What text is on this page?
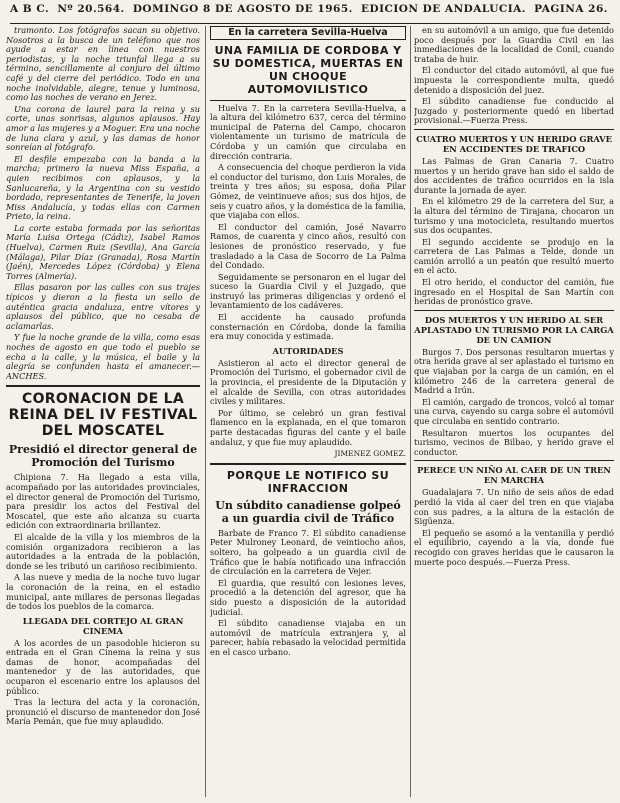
A B C. Nº 20.564. DOMINGO 8 DE AGOSTO DE 1965. EDICION DE ANDALUCIA. PAGINA 26.

tramonto. Los fotógrafos sacan su objetivo. Nosotros a la busca de un teléfono que nos ayude a estar en línea con nuestros periodistas, y la noche triunfal llega a su término, sencillamente al conjuro del último café y del cierre del periódico. Todo en una noche inolvidable, alegre, tenue y luminosa, como las noches de verano en Jerez.

Una corona de laurel para la reina y su corte, unas sonrisas, algunos aplausos. Hay amor a las mujeres y a Moguer. Era una noche de luna clara y azul, y las damas de honor sonreían al fotógrafo.

El desfile empezaba con la banda a la marcha; primero la nueva Miss España, a quien recibimos con aplausos, y la Sanlucareña, y la Argentina con su vestido bordado, representantes de Tenerife, la joven Miss Andalucía, y todas ellas con Carmen Prieto, la reina.

La corte estaba formada por las señoritas María Luisa Ortega (Cádiz), Isabel Ramos (Huelva), Carmen Ruiz (Sevilla), Ana García (Málaga), Pilar Díaz (Granada), Rosa Martín (Jaén), Mercedes López (Córdoba) y Elena Torres (Almería).

Ellas pasaron por las calles con sus trajes típicos y dieron a la fiesta un sello de auténtica gracia andaluza, entre vítores y aplausos del público, que no cesaba de aclamarlas.

Y fue la noche grande de la villa, como esas noches de agosto en que todo el pueblo se echa a la calle, y la música, el baile y la alegría se confunden hasta el amanecer.—ANCHES.

CORONACION DE LA REINA DEL IV FESTIVAL DEL MOSCATEL
Presidió el director general de Promoción del Turismo

Chipiona 7. Ha llegado a esta villa, acompañado por las autoridades provinciales, el director general de Promoción del Turismo, para presidir los actos del Festival del Moscatel, que este año alcanza su cuarta edición con extraordinaria brillantez.

El alcalde de la villa y los miembros de la comisión organizadora recibieron a las autoridades a la entrada de la población, donde se les tributó un cariñoso recibimiento.

A las nueve y media de la noche tuvo lugar la coronación de la reina, en el estadio municipal, ante millares de personas llegadas de todos los pueblos de la comarca.

LLEGADA DEL CORTEJO AL GRAN CINEMA

A los acordes de un pasodoble hicieron su entrada en el Gran Cinema la reina y sus damas de honor, acompañadas del mantenedor y de las autoridades, que ocuparon el escenario entre los aplausos del público.

Tras la lectura del acta y la coronación, pronunció el discurso de mantenedor don José María Pemán, que fue muy aplaudido.

En la carretera Sevilla-Huelva
UNA FAMILIA DE CORDOBA Y SU DOMESTICA, MUERTAS EN UN CHOQUE AUTOMOVILISTICO

Huelva 7. En la carretera Sevilla-Huelva, a la altura del kilómetro 637, cerca del término municipal de Paterna del Campo, chocaron violentamente un turismo de matrícula de Córdoba y un camión que circulaba en dirección contraria.

A consecuencia del choque perdieron la vida el conductor del turismo, don Luis Morales, de treinta y tres años; su esposa, doña Pilar Gómez, de veintinueve años; sus dos hijos, de seis y cuatro años, y la doméstica de la familia, que viajaba con ellos.

El conductor del camión, José Navarro Ramos, de cuarenta y cinco años, resultó con lesiones de pronóstico reservado, y fue trasladado a la Casa de Socorro de La Palma del Condado.

Seguidamente se personaron en el lugar del suceso la Guardia Civil y el Juzgado, que instruyó las primeras diligencias y ordenó el levantamiento de los cadáveres.

El accidente ha causado profunda consternación en Córdoba, donde la familia era muy conocida y estimada.

AUTORIDADES

Asistieron al acto el director general de Promoción del Turismo, el gobernador civil de la provincia, el presidente de la Diputación y el alcalde de Sevilla, con otras autoridades civiles y militares.

Por último, se celebró un gran festival flamenco en la explanada, en el que tomaron parte destacadas figuras del cante y el baile andaluz, y que fue muy aplaudido.

JIMENEZ GOMEZ.
PORQUE LE NOTIFICO SU INFRACCION
Un súbdito canadiense golpeó a un guardia civil de Tráfico

Barbate de Franco 7. El súbdito canadiense Peter Mulroney Leonard, de veintiocho años, soltero, ha golpeado a un guardia civil de Tráfico que le había notificado una infracción de circulación en la carretera de Vejer.

El guardia, que resultó con lesiones leves, procedió a la detención del agresor, que ha sido puesto a disposición de la autoridad judicial.

El súbdito canadiense viajaba en un automóvil de matrícula extranjera y, al parecer, había rebasado la velocidad permitida en el casco urbano.

en su automóvil a un amigo, que fue detenido poco después por la Guardia Civil en las inmediaciones de la localidad de Conil, cuando trataba de huir.

El conductor del citado automóvil, al que fue impuesta la correspondiente multa, quedó detenido a disposición del juez.

El súbdito canadiense fue conducido al Juzgado y posteriormente quedó en libertad provisional.—Fuerza Press.

CUATRO MUERTOS Y UN HERIDO GRAVE EN ACCIDENTES DE TRAFICO

Las Palmas de Gran Canaria 7. Cuatro muertos y un herido grave han sido el saldo de dos accidentes de tráfico ocurridos en la isla durante la jornada de ayer.

En el kilómetro 29 de la carretera del Sur, a la altura del término de Tirajana, chocaron un turismo y una motocicleta, resultando muertos sus dos ocupantes.

El segundo accidente se produjo en la carretera de Las Palmas a Telde, donde un camión arrolló a un peatón que resultó muerto en el acto.

El otro herido, el conductor del camión, fue ingresado en el Hospital de San Martín con heridas de pronóstico grave.

DOS MUERTOS Y UN HERIDO AL SER APLASTADO UN TURISMO POR LA CARGA DE UN CAMION

Burgos 7. Dos personas resultaron muertas y otra herida grave al ser aplastado el turismo en que viajaban por la carga de un camión, en el kilómetro 246 de la carretera general de Madrid a Irún.

El camión, cargado de troncos, volcó al tomar una curva, cayendo su carga sobre el automóvil que circulaba en sentido contrario.

Resultaron muertos los ocupantes del turismo, vecinos de Bilbao, y herido grave el conductor.

PERECE UN NIÑO AL CAER DE UN TREN EN MARCHA

Guadalajara 7. Un niño de seis años de edad perdió la vida al caer del tren en que viajaba con sus padres, a la altura de la estación de Sigüenza.

El pequeño se asomó a la ventanilla y perdió el equilibrio, cayendo a la vía, donde fue recogido con graves heridas que le causaron la muerte poco después.—Fuerza Press.
